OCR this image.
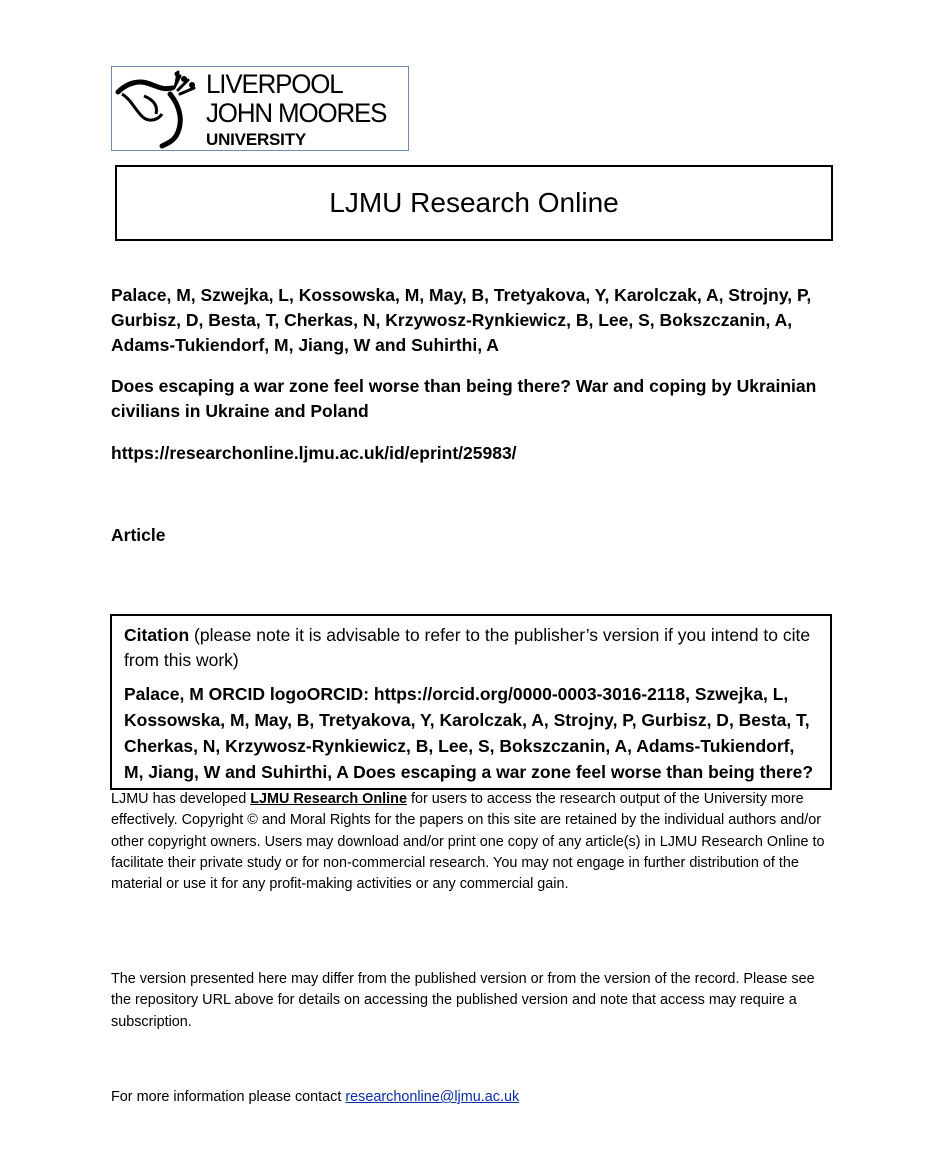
LIVERPOOL
JOHN MOORES
UNIVERSITY
LJMU Research Online
Palace, M, Szwejka, L, Kossowska, M, May, B, Tretyakova, Y, Karolczak, A, Strojny, P, Gurbisz, D, Besta, T, Cherkas, N, Krzywosz-Rynkiewicz, B, Lee, S, Bokszczanin, A, Adams-Tukiendorf, M, Jiang, W and Suhirthi, A
Does escaping a war zone feel worse than being there? War and coping by Ukrainian civilians in Ukraine and Poland
https://researchonline.ljmu.ac.uk/id/eprint/25983/
Article

Citation (please note it is advisable to refer to the publisher’s version if you intend to cite from this work)

Palace, M ORCID logoORCID: https://orcid.org/0000-0003-3016-2118, Szwejka, L, Kossowska, M, May, B, Tretyakova, Y, Karolczak, A, Strojny, P, Gurbisz, D, Besta, T, Cherkas, N, Krzywosz-Rynkiewicz, B, Lee, S, Bokszczanin, A, Adams-Tukiendorf, M, Jiang, W and Suhirthi, A Does escaping a war zone feel worse than being there?

LJMU has developed LJMU Research Online for users to access the research output of the University more effectively. Copyright © and Moral Rights for the papers on this site are retained by the individual authors and/or other copyright owners. Users may download and/or print one copy of any article(s) in LJMU Research Online to facilitate their private study or for non-commercial research. You may not engage in further distribution of the material or use it for any profit-making activities or any commercial gain.

The version presented here may differ from the published version or from the version of the record. Please see the repository URL above for details on accessing the published version and note that access may require a subscription.

For more information please contact researchonline@ljmu.ac.uk
